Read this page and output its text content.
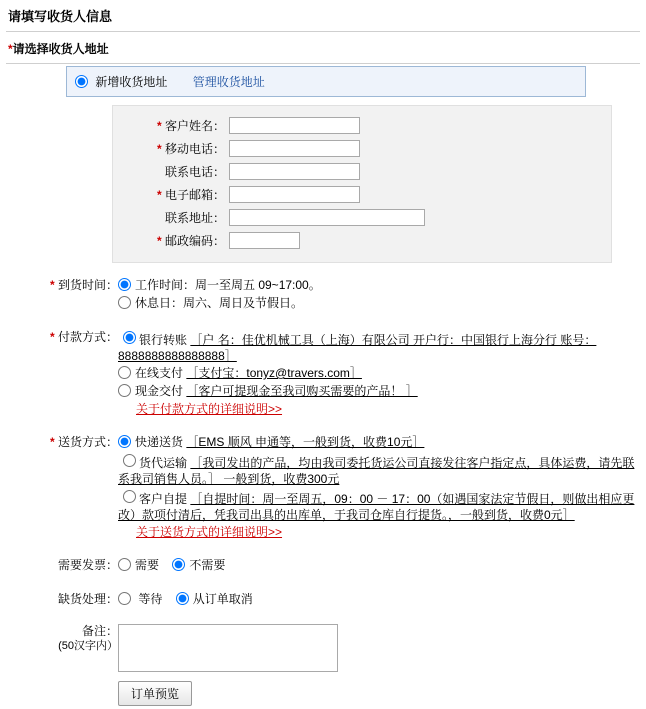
请填写收货人信息
*请选择收货人地址
新增收货地址 管理收货地址
* 客户姓名：	
* 移动电话：	
联系电话：	
* 电子邮箱：	
联系地址：	
* 邮政编码：	
* 到货时间：	工作时间：周一至周五 09~17:00。
休息日：周六、周日及节假日。

* 付款方式：	银行转账 ［户 名：佳优机械工具（上海）有限公司 开户行：中国银行上海分行 账号：8888888888888888］
在线支付 ［支付宝：tonyz@travers.com］
现金交付 ［客户可提现金至我司购买需要的产品！ ］
关于付款方式的详细说明>>

* 送货方式：	快递送货 ［EMS 顺风 申通等，一般到货，收费10元］
货代运输 ［我司发出的产品，均由我司委托货运公司直接发往客户指定点，具体运费，请先联系我司销售人员。］ 一般到货，收费300元
客户自提 ［自提时间：周一至周五，09：00 － 17：00（如遇国家法定节假日，则做出相应更改）款项付清后，凭我司出具的出库单，于我司仓库自行提货。，一般到货，收费0元］
关于送货方式的详细说明>>

需要发票：	需要 不需要

缺货处理：	等待 从订单取消

备注：
(50汉字内）

	订单预览
